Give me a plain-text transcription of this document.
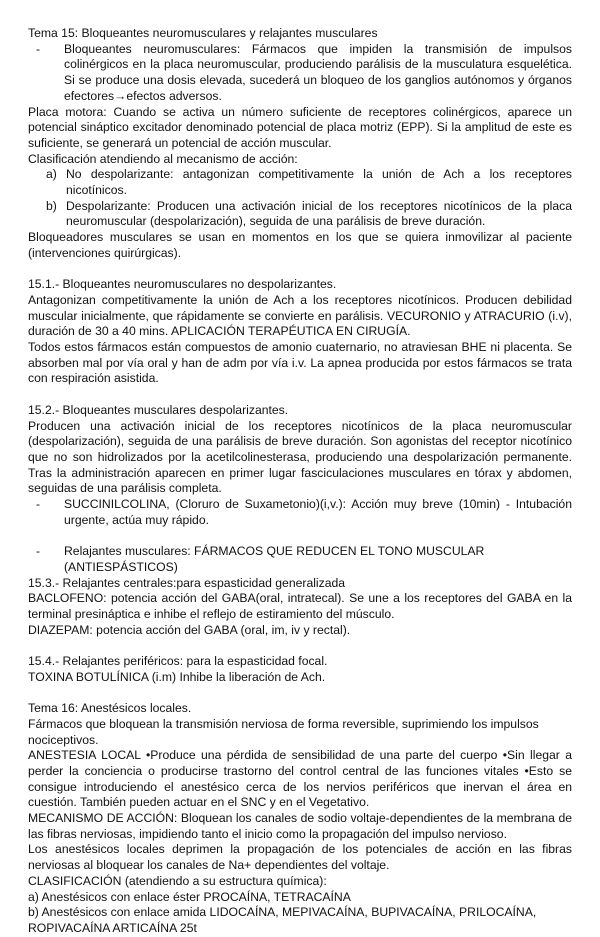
Tema 15: Bloqueantes neuromusculares y relajantes musculares

- Bloqueantes neuromusculares: Fármacos que impiden la transmisión de impulsos colinérgicos en la placa neuromuscular, produciendo parálisis de la musculatura esquelética. Si se produce una dosis elevada, sucederá un bloqueo de los ganglios autónomos y órganos efectores→efectos adversos.

Placa motora: Cuando se activa un número suficiente de receptores colinérgicos, aparece un potencial sináptico excitador denominado potencial de placa motriz (EPP). Si la amplitud de este es suficiente, se generará un potencial de acción muscular.

Clasificación atendiendo al mecanismo de acción:

a) No despolarizante: antagonizan competitivamente la unión de Ach a los receptores nicotínicos.

b) Despolarizante: Producen una activación inicial de los receptores nicotínicos de la placa neuromuscular (despolarización), seguida de una parálisis de breve duración.

Bloqueadores musculares se usan en momentos en los que se quiera inmovilizar al paciente (intervenciones quirúrgicas).

15.1.- Bloqueantes neuromusculares no despolarizantes.

Antagonizan competitivamente la unión de Ach a los receptores nicotínicos. Producen debilidad muscular inicialmente, que rápidamente se convierte en parálisis. VECURONIO y ATRACURIO (i.v), duración de 30 a 40 mins. APLICACIÓN TERAPÉUTICA EN CIRUGÍA.

Todos estos fármacos están compuestos de amonio cuaternario, no atraviesan BHE ni placenta. Se absorben mal por vía oral y han de adm por vía i.v. La apnea producida por estos fármacos se trata con respiración asistida.

15.2.- Bloqueantes musculares despolarizantes.

Producen una activación inicial de los receptores nicotínicos de la placa neuromuscular (despolarización), seguida de una parálisis de breve duración. Son agonistas del receptor nicotínico que no son hidrolizados por la acetilcolinesterasa, produciendo una despolarización permanente. Tras la administración aparecen en primer lugar fasciculaciones musculares en tórax y abdomen, seguidas de una parálisis completa.

- SUCCINILCOLINA, (Cloruro de Suxametonio)(i,v.): Acción muy breve (10min) - Intubación urgente, actúa muy rápido.

- Relajantes musculares: FÁRMACOS QUE REDUCEN EL TONO MUSCULAR (ANTIESPÁSTICOS)

15.3.- Relajantes centrales:para espasticidad generalizada

BACLOFENO: potencia acción del GABA(oral, intratecal). Se une a los receptores del GABA en la terminal presináptica e inhibe el reflejo de estiramiento del músculo.

DIAZEPAM: potencia acción del GABA (oral, im, iv y rectal).

15.4.- Relajantes periféricos: para la espasticidad focal.

TOXINA BOTULÍNICA (i.m) Inhibe la liberación de Ach.

Tema 16: Anestésicos locales.

Fármacos que bloquean la transmisión nerviosa de forma reversible, suprimiendo los impulsos nociceptivos.

ANESTESIA LOCAL •Produce una pérdida de sensibilidad de una parte del cuerpo •Sin llegar a perder la conciencia o producirse trastorno del control central de las funciones vitales •Esto se consigue introduciendo el anestésico cerca de los nervios periféricos que inervan el área en cuestión. También pueden actuar en el SNC y en el Vegetativo.

MECANISMO DE ACCIÓN: Bloquean los canales de sodio voltaje-dependientes de la membrana de las fibras nerviosas, impidiendo tanto el inicio como la propagación del impulso nervioso.

Los anestésicos locales deprimen la propagación de los potenciales de acción en las fibras nerviosas al bloquear los canales de Na+ dependientes del voltaje.

CLASIFICACIÓN (atendiendo a su estructura química):

a) Anestésicos con enlace éster PROCAÍNA, TETRACAÍNA

b) Anestésicos con enlace amida LIDOCAÍNA, MEPIVACAÍNA, BUPIVACAÍNA, PRILOCAÍNA, ROPIVACAÍNA ARTICAÍNA 25t
